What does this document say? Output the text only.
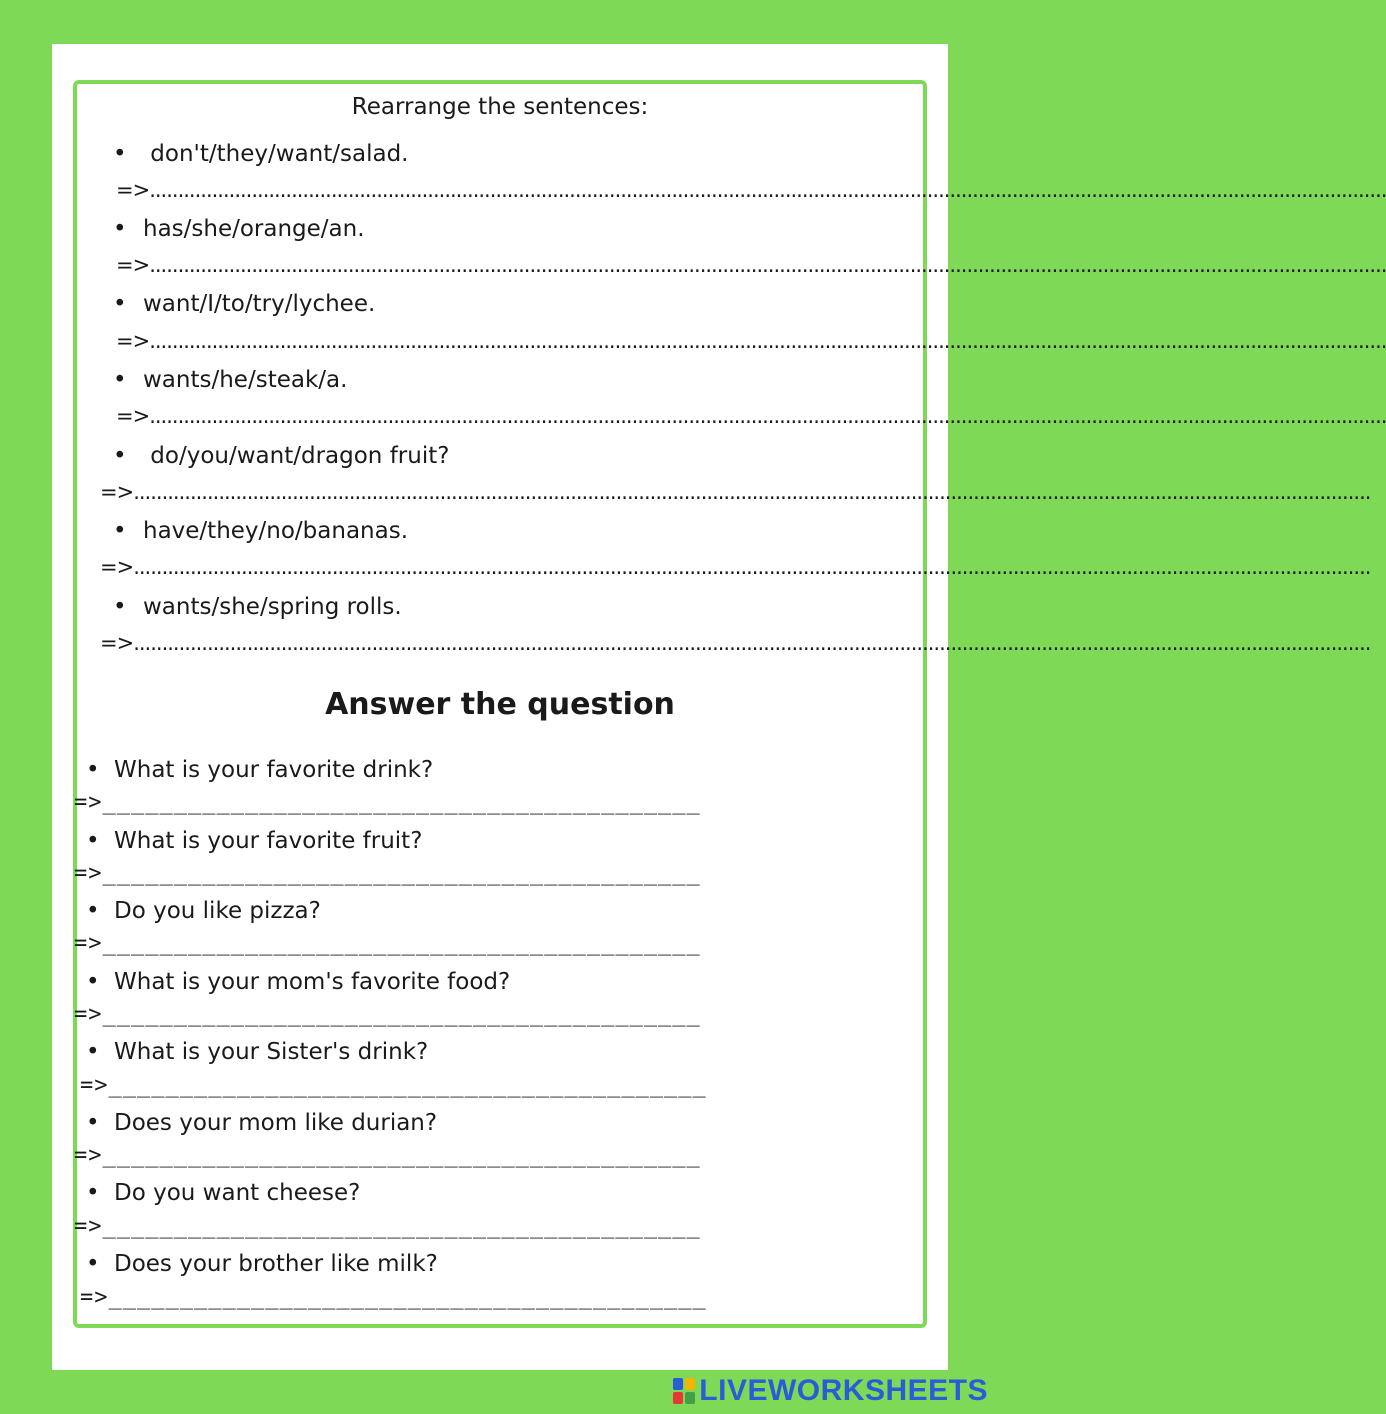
Rearrange the sentences:
• don't/they/want/salad.
=>..........................................................................................................................................................................................................................
• has/she/orange/an.
=>..........................................................................................................................................................................................................................
• want/I/to/try/lychee.
=>..........................................................................................................................................................................................................................
• wants/he/steak/a.
=>..........................................................................................................................................................................................................................
• do/you/want/dragon fruit?
=>..........................................................................................................................................................................................................................
• have/they/no/bananas.
=>..........................................................................................................................................................................................................................
• wants/she/spring rolls.
=>..........................................................................................................................................................................................................................
Answer the question
• What is your favorite drink?
=>__________________________________________
• What is your favorite fruit?
=>__________________________________________
• Do you like pizza?
=>__________________________________________
• What is your mom's favorite food?
=>__________________________________________
• What is your Sister's drink?
=>__________________________________________
• Does your mom like durian?
=>__________________________________________
• Do you want cheese?
=>__________________________________________
• Does your brother like milk?
=>__________________________________________
LIVEWORKSHEETS
